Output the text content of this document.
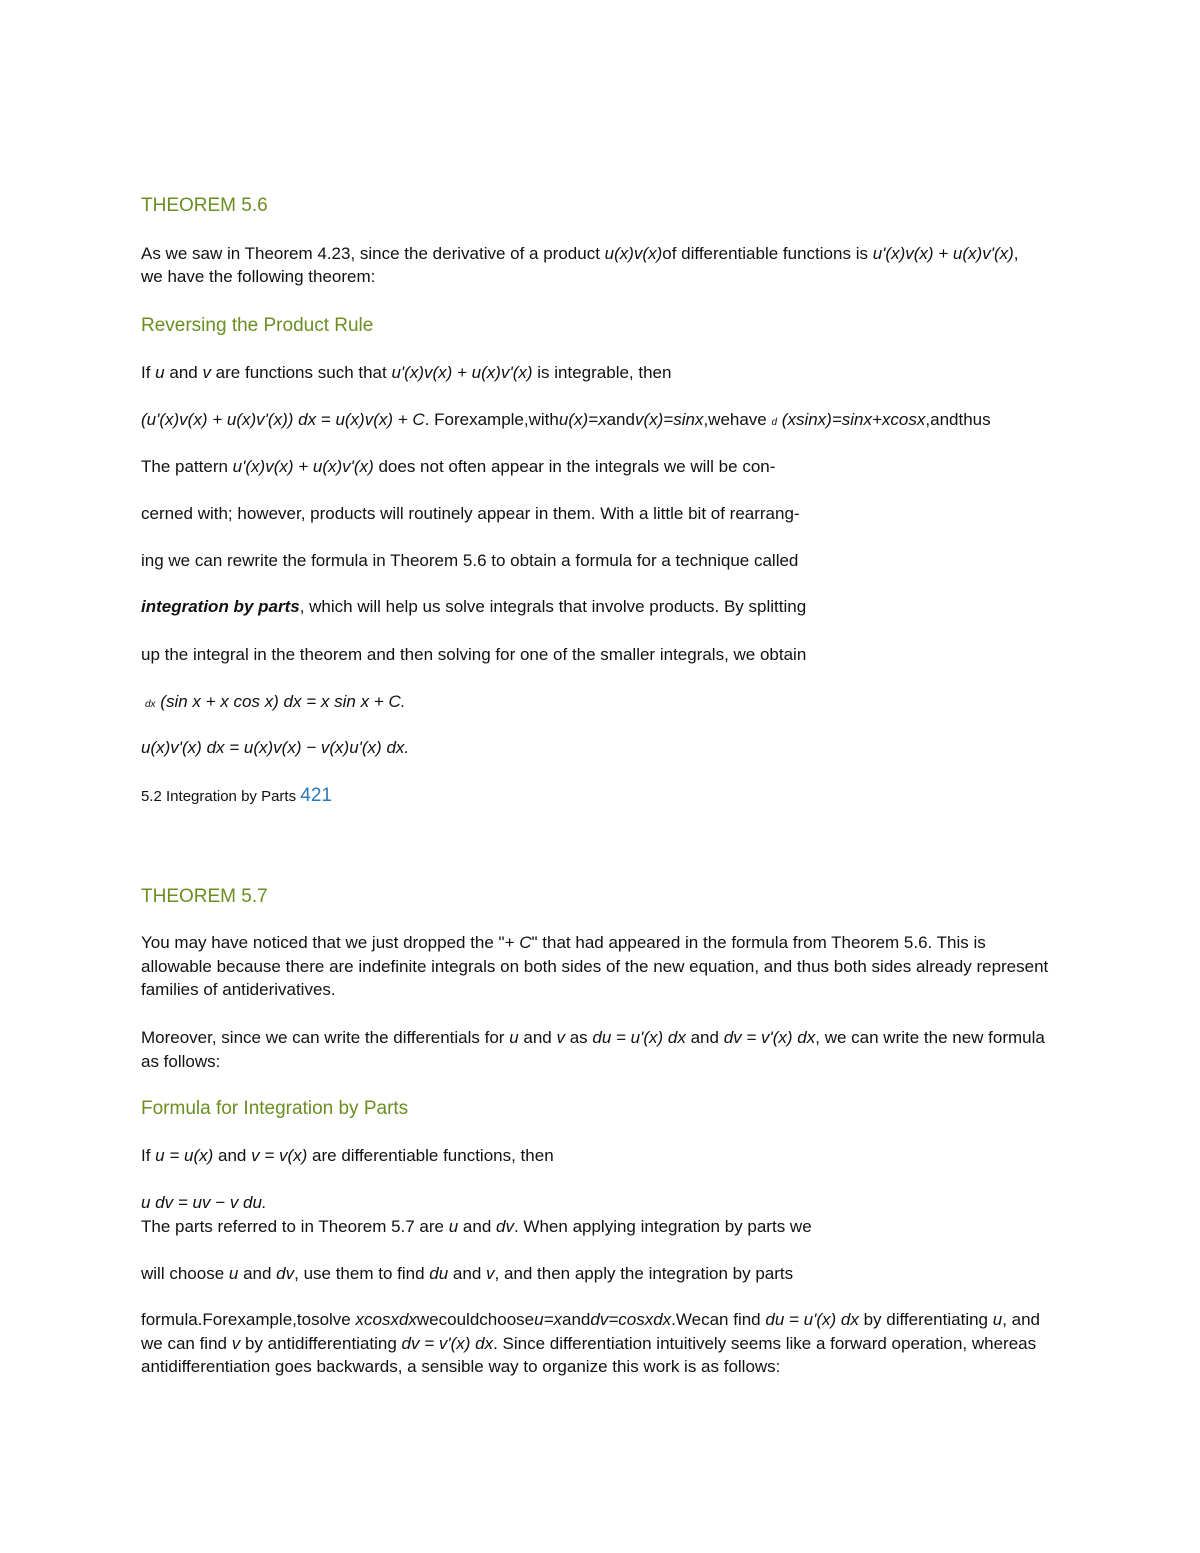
THEOREM 5.6
As we saw in Theorem 4.23, since the derivative of a product u(x)v(x)of differentiable functions is u'(x)v(x) + u(x)v'(x),
we have the following theorem:
Reversing the Product Rule
If u and v are functions such that u'(x)v(x) + u(x)v'(x) is integrable, then
(u'(x)v(x) + u(x)v'(x)) dx = u(x)v(x) + C. Forexample,withu(x)=xandv(x)=sinx,wehave d (xsinx)=sinx+xcosx,andthus
The pattern u'(x)v(x) + u(x)v'(x) does not often appear in the integrals we will be con-
cerned with; however, products will routinely appear in them. With a little bit of rearrang-
ing we can rewrite the formula in Theorem 5.6 to obtain a formula for a technique called
integration by parts, which will help us solve integrals that involve products. By splitting
up the integral in the theorem and then solving for one of the smaller integrals, we obtain
dx (sin x + x cos x) dx = x sin x + C.
u(x)v'(x) dx = u(x)v(x) − v(x)u'(x) dx.
5.2 Integration by Parts 421
THEOREM 5.7
You may have noticed that we just dropped the "+ C" that had appeared in the formula from Theorem 5.6. This is allowable because there are indefinite integrals on both sides of the new equation, and thus both sides already represent families of antiderivatives.
Moreover, since we can write the differentials for u and v as du = u'(x) dx and dv = v'(x) dx, we can write the new formula as follows:
Formula for Integration by Parts
If u = u(x) and v = v(x) are differentiable functions, then
u dv = uv − v du.
The parts referred to in Theorem 5.7 are u and dv. When applying integration by parts we
will choose u and dv, use them to find du and v, and then apply the integration by parts
formula.Forexample,tosolve xcosxdxwecouldchooseu=xanddv=cosxdx.Wecan find du = u'(x) dx by differentiating u, and we can find v by antidifferentiating dv = v'(x) dx. Since differentiation intuitively seems like a forward operation, whereas antidifferentiation goes backwards, a sensible way to organize this work is as follows:
